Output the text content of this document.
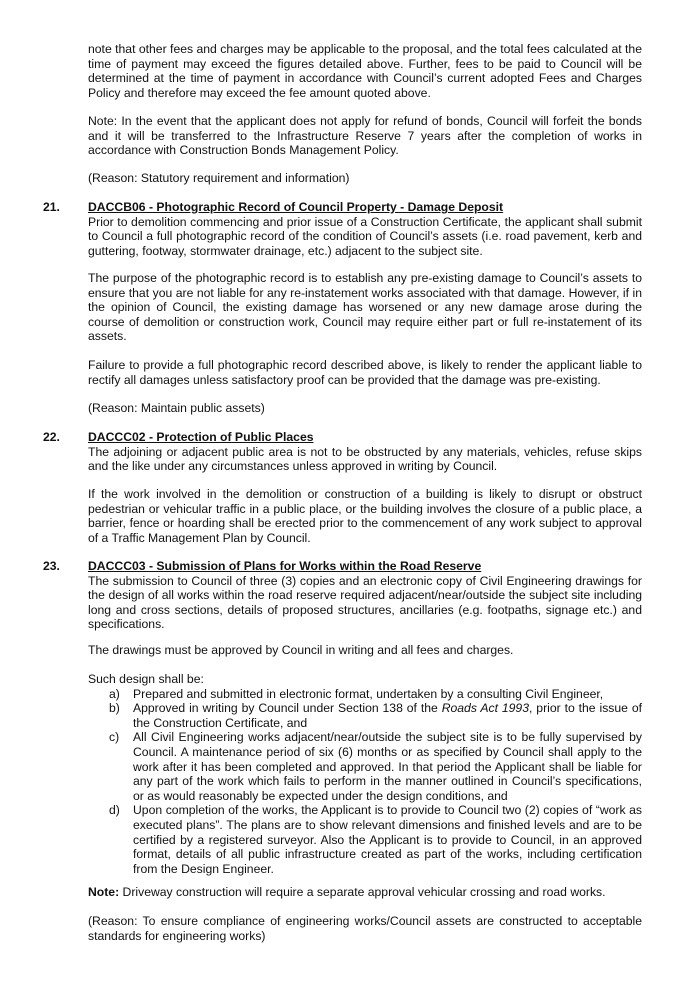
note that other fees and charges may be applicable to the proposal, and the total fees calculated at the time of payment may exceed the figures detailed above. Further, fees to be paid to Council will be determined at the time of payment in accordance with Council’s current adopted Fees and Charges Policy and therefore may exceed the fee amount quoted above.

Note: In the event that the applicant does not apply for refund of bonds, Council will forfeit the bonds and it will be transferred to the Infrastructure Reserve 7 years after the completion of works in accordance with Construction Bonds Management Policy.

(Reason: Statutory requirement and information)

21. DACCB06 - Photographic Record of Council Property - Damage Deposit

Prior to demolition commencing and prior issue of a Construction Certificate, the applicant shall submit to Council a full photographic record of the condition of Council’s assets (i.e. road pavement, kerb and guttering, footway, stormwater drainage, etc.) adjacent to the subject site.

The purpose of the photographic record is to establish any pre-existing damage to Council’s assets to ensure that you are not liable for any re-instatement works associated with that damage. However, if in the opinion of Council, the existing damage has worsened or any new damage arose during the course of demolition or construction work, Council may require either part or full re-instatement of its assets.

Failure to provide a full photographic record described above, is likely to render the applicant liable to rectify all damages unless satisfactory proof can be provided that the damage was pre-existing.

(Reason: Maintain public assets)

22. DACCC02 - Protection of Public Places

The adjoining or adjacent public area is not to be obstructed by any materials, vehicles, refuse skips and the like under any circumstances unless approved in writing by Council.

If the work involved in the demolition or construction of a building is likely to disrupt or obstruct pedestrian or vehicular traffic in a public place, or the building involves the closure of a public place, a barrier, fence or hoarding shall be erected prior to the commencement of any work subject to approval of a Traffic Management Plan by Council.

23. DACCC03 - Submission of Plans for Works within the Road Reserve

The submission to Council of three (3) copies and an electronic copy of Civil Engineering drawings for the design of all works within the road reserve required adjacent/near/outside the subject site including long and cross sections, details of proposed structures, ancillaries (e.g. footpaths, signage etc.) and specifications.

The drawings must be approved by Council in writing and all fees and charges.

Such design shall be:

a) Prepared and submitted in electronic format, undertaken by a consulting Civil Engineer,
b) Approved in writing by Council under Section 138 of the Roads Act 1993, prior to the issue of the Construction Certificate, and
c) All Civil Engineering works adjacent/near/outside the subject site is to be fully supervised by Council. A maintenance period of six (6) months or as specified by Council shall apply to the work after it has been completed and approved. In that period the Applicant shall be liable for any part of the work which fails to perform in the manner outlined in Council’s specifications, or as would reasonably be expected under the design conditions, and
d) Upon completion of the works, the Applicant is to provide to Council two (2) copies of “work as executed plans”. The plans are to show relevant dimensions and finished levels and are to be certified by a registered surveyor. Also the Applicant is to provide to Council, in an approved format, details of all public infrastructure created as part of the works, including certification from the Design Engineer.

Note: Driveway construction will require a separate approval vehicular crossing and road works.

(Reason: To ensure compliance of engineering works/Council assets are constructed to acceptable standards for engineering works)
